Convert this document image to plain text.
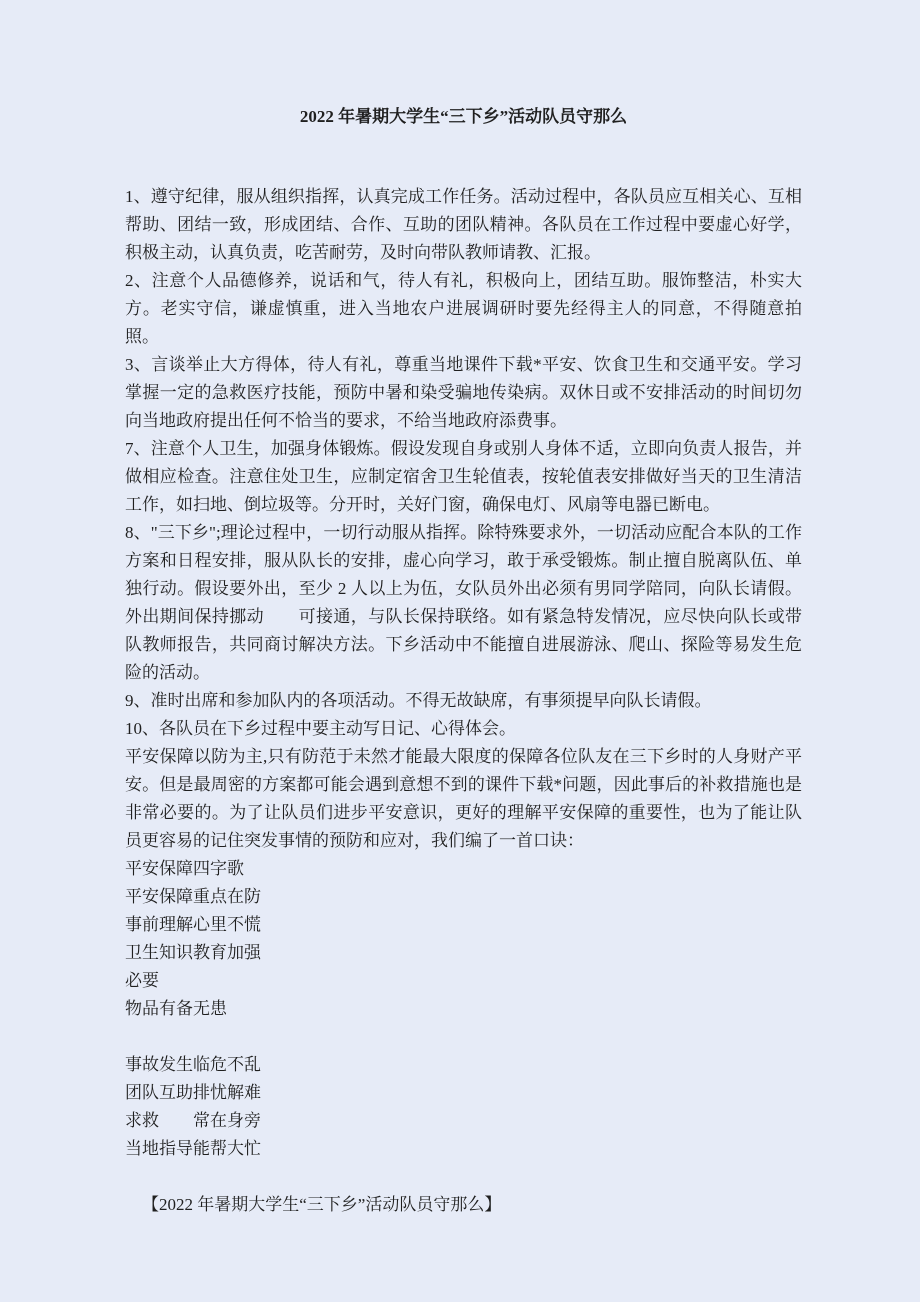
2022 年暑期大学生“三下乡”活动队员守那么

1、遵守纪律，服从组织指挥，认真完成工作任务。活动过程中，各队员应互相关心、互相帮助、团结一致，形成团结、合作、互助的团队精神。各队员在工作过程中要虚心好学，积极主动，认真负责，吃苦耐劳，及时向带队教师请教、汇报。

2、注意个人品德修养，说话和气，待人有礼，积极向上，团结互助。服饰整洁，朴实大方。老实守信，谦虚慎重，进入当地农户进展调研时要先经得主人的同意，不得随意拍照。

3、言谈举止大方得体，待人有礼，尊重当地课件下载*平安、饮食卫生和交通平安。学习掌握一定的急救医疗技能，预防中暑和染受骗地传染病。双休日或不安排活动的时间切勿向当地政府提出任何不恰当的要求，不给当地政府添费事。

7、注意个人卫生，加强身体锻炼。假设发现自身或别人身体不适，立即向负责人报告，并做相应检查。注意住处卫生，应制定宿舍卫生轮值表，按轮值表安排做好当天的卫生清洁工作，如扫地、倒垃圾等。分开时，关好门窗，确保电灯、风扇等电器已断电。

8、"三下乡";理论过程中，一切行动服从指挥。除特殊要求外，一切活动应配合本队的工作方案和日程安排，服从队长的安排，虚心向学习，敢于承受锻炼。制止擅自脱离队伍、单独行动。假设要外出，至少 2 人以上为伍，女队员外出必须有男同学陪同，向队长请假。外出期间保持挪动　　可接通，与队长保持联络。如有紧急特发情况，应尽快向队长或带队教师报告，共同商讨解决方法。下乡活动中不能擅自进展游泳、爬山、探险等易发生危险的活动。

9、准时出席和参加队内的各项活动。不得无故缺席，有事须提早向队长请假。

10、各队员在下乡过程中要主动写日记、心得体会。

平安保障以防为主,只有防范于未然才能最大限度的保障各位队友在三下乡时的人身财产平安。但是最周密的方案都可能会遇到意想不到的课件下载*问题，因此事后的补救措施也是非常必要的。为了让队员们进步平安意识，更好的理解平安保障的重要性，也为了能让队员更容易的记住突发事情的预防和应对，我们编了一首口诀：

平安保障四字歌

平安保障重点在防

事前理解心里不慌

卫生知识教育加强

必要

物品有备无患

事故发生临危不乱

团队互助排忧解难

求救　　常在身旁

当地指导能帮大忙

【2022 年暑期大学生“三下乡”活动队员守那么】
